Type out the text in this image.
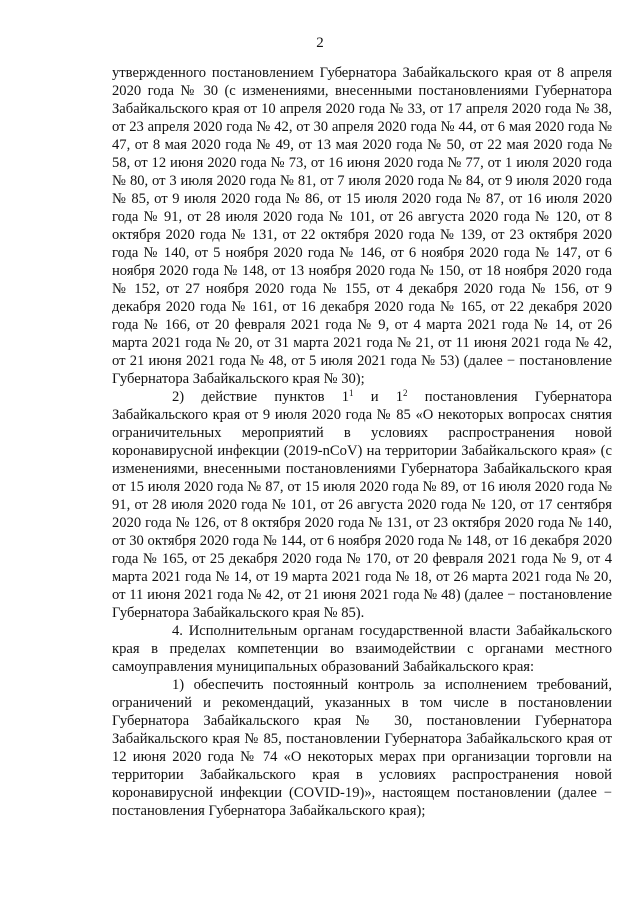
2

утвержденного постановлением Губернатора Забайкальского края от 8 апреля 2020 года № 30 (с изменениями, внесенными постановлениями Губернатора Забайкальского края от 10 апреля 2020 года № 33, от 17 апреля 2020 года № 38, от 23 апреля 2020 года № 42, от 30 апреля 2020 года № 44, от 6 мая 2020 года № 47, от 8 мая 2020 года № 49, от 13 мая 2020 года № 50, от 22 мая 2020 года № 58, от 12 июня 2020 года № 73, от 16 июня 2020 года № 77, от 1 июля 2020 года № 80, от 3 июля 2020 года № 81, от 7 июля 2020 года № 84, от 9 июля 2020 года № 85, от 9 июля 2020 года № 86, от 15 июля 2020 года № 87, от 16 июля 2020 года № 91, от 28 июля 2020 года № 101, от 26 августа 2020 года № 120, от 8 октября 2020 года № 131, от 22 октября 2020 года № 139, от 23 октября 2020 года № 140, от 5 ноября 2020 года № 146, от 6 ноября 2020 года № 147, от 6 ноября 2020 года № 148, от 13 ноября 2020 года № 150, от 18 ноября 2020 года № 152, от 27 ноября 2020 года № 155, от 4 декабря 2020 года № 156, от 9 декабря 2020 года № 161, от 16 декабря 2020 года № 165, от 22 декабря 2020 года № 166, от 20 февраля 2021 года № 9, от 4 марта 2021 года № 14, от 26 марта 2021 года № 20, от 31 марта 2021 года № 21, от 11 июня 2021 года № 42, от 21 июня 2021 года № 48, от 5 июля 2021 года № 53) (далее − постановление Губернатора Забайкальского края № 30);

2) действие пунктов $1^1$ и $1^2$ постановления Губернатора Забайкальского края от 9 июля 2020 года № 85 «О некоторых вопросах снятия ограничительных мероприятий в условиях распространения новой коронавирусной инфекции (2019-nCoV) на территории Забайкальского края» (с изменениями, внесенными постановлениями Губернатора Забайкальского края от 15 июля 2020 года № 87, от 15 июля 2020 года № 89, от 16 июля 2020 года № 91, от 28 июля 2020 года № 101, от 26 августа 2020 года № 120, от 17 сентября 2020 года № 126, от 8 октября 2020 года № 131, от 23 октября 2020 года № 140, от 30 октября 2020 года № 144, от 6 ноября 2020 года № 148, от 16 декабря 2020 года № 165, от 25 декабря 2020 года № 170, от 20 февраля 2021 года № 9, от 4 марта 2021 года № 14, от 19 марта 2021 года № 18, от 26 марта 2021 года № 20, от 11 июня 2021 года № 42, от 21 июня 2021 года № 48) (далее − постановление Губернатора Забайкальского края № 85).

4. Исполнительным органам государственной власти Забайкальского края в пределах компетенции во взаимодействии с органами местного самоуправления муниципальных образований Забайкальского края:

1) обеспечить постоянный контроль за исполнением требований, ограничений и рекомендаций, указанных в том числе в постановлении Губернатора Забайкальского края № 30, постановлении Губернатора Забайкальского края № 85, постановлении Губернатора Забайкальского края от 12 июня 2020 года № 74 «О некоторых мерах при организации торговли на территории Забайкальского края в условиях распространения новой коронавирусной инфекции (COVID-19)», настоящем постановлении (далее − постановления Губернатора Забайкальского края);
